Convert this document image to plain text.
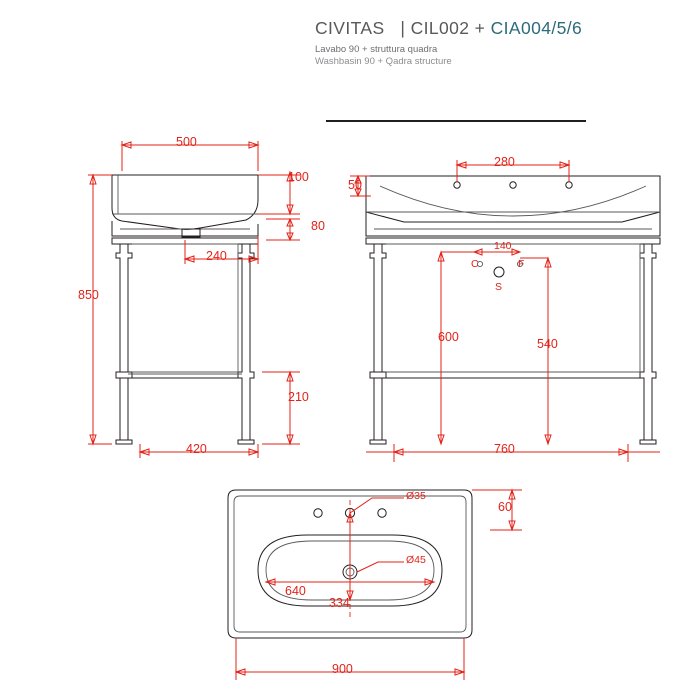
CIVITAS | CIL002 + CIA004/5/6
Lavabo 90 + struttura quadra
Washbasin 90 + Qadra structure
500
240
420
100
80
850
210
280
50
140
600	540
760
Ø35
Ø45
640
334
900
60
C	F
S
